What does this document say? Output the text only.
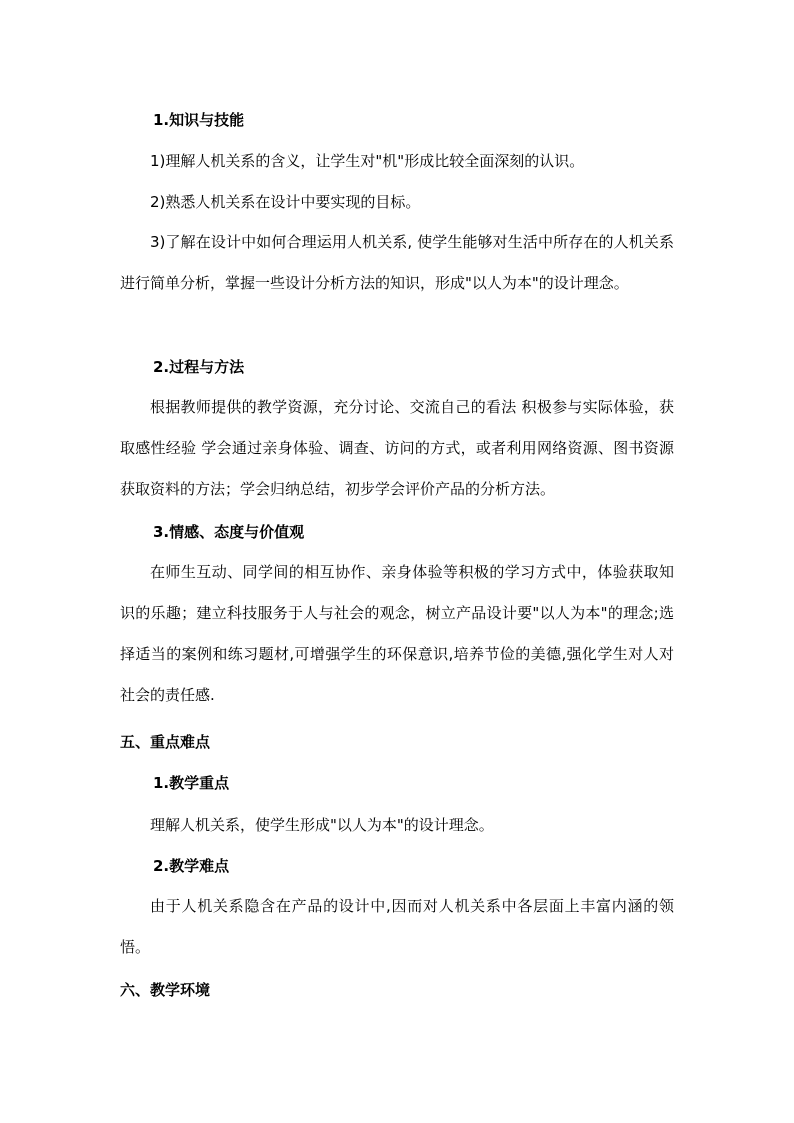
1.知识与技能
1)理解人机关系的含义，让学生对"机"形成比较全面深刻的认识。
2)熟悉人机关系在设计中要实现的目标。

3)了解在设计中如何合理运用人机关系, 使学生能够对生活中所存在的人机关系进行简单分析，掌握一些设计分析方法的知识，形成"以人为本"的设计理念。

2.过程与方法

根据教师提供的教学资源，充分讨论、交流自己的看法 积极参与实际体验，获取感性经验 学会通过亲身体验、调查、访问的方式，或者利用网络资源、图书资源获取资料的方法；学会归纳总结，初步学会评价产品的分析方法。

3.情感、态度与价值观

在师生互动、同学间的相互协作、亲身体验等积极的学习方式中，体验获取知识的乐趣；建立科技服务于人与社会的观念，树立产品设计要"以人为本"的理念;选择适当的案例和练习题材,可增强学生的环保意识,培养节俭的美德,强化学生对人对社会的责任感.

五、重点难点
1.教学重点
理解人机关系，使学生形成"以人为本"的设计理念。
2.教学难点

由于人机关系隐含在产品的设计中,因而对人机关系中各层面上丰富内涵的领悟。

六、教学环境
